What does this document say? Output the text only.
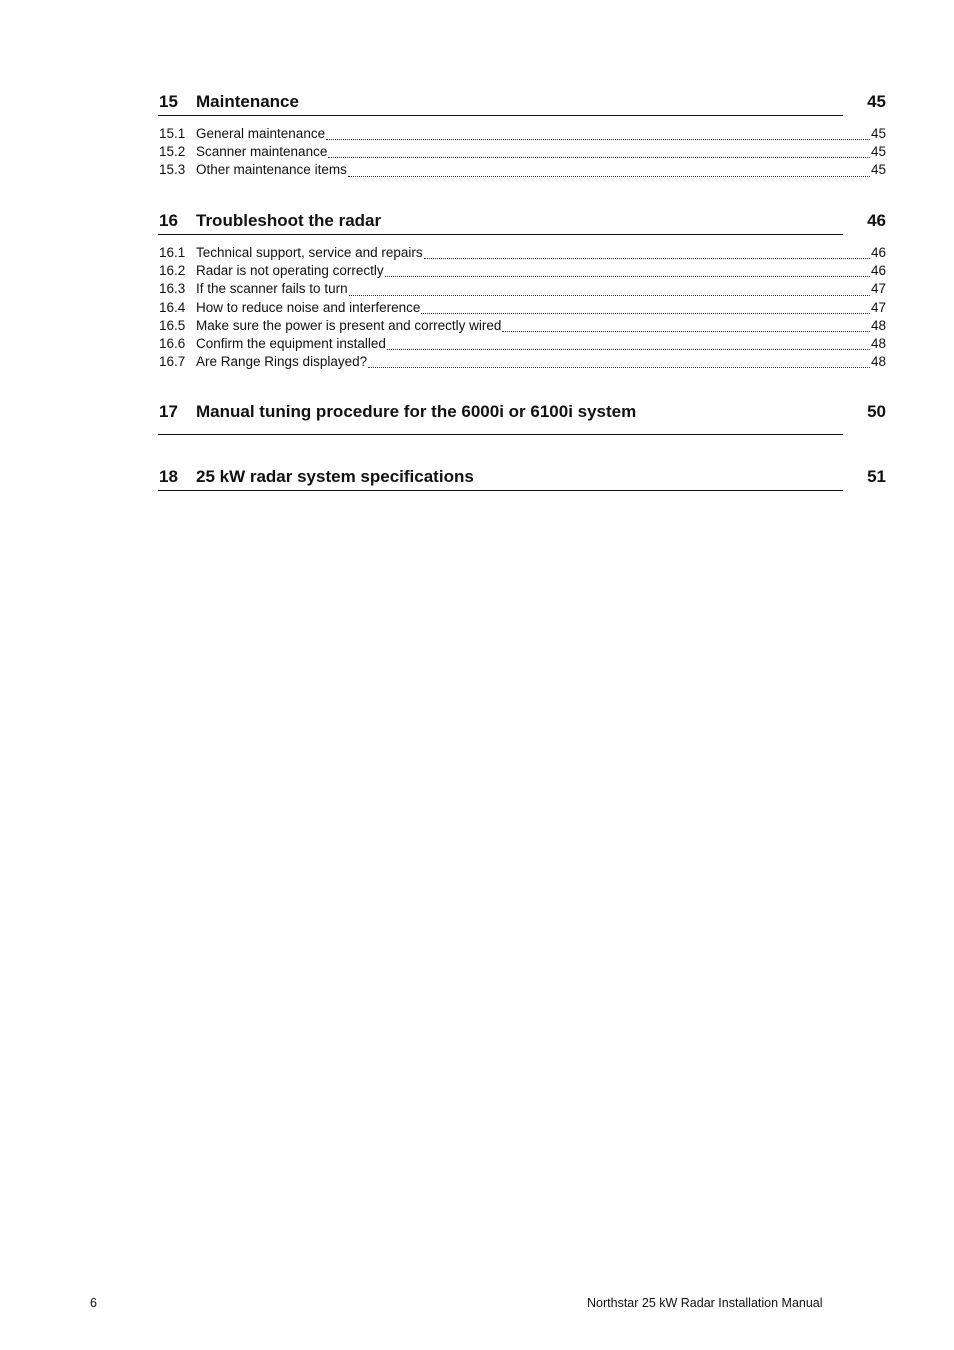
15 Maintenance	45
15.1 General maintenance	45
15.2 Scanner maintenance	45
15.3 Other maintenance items	45
16 Troubleshoot the radar	46
16.1 Technical support, service and repairs	46
16.2 Radar is not operating correctly	46
16.3 If the scanner fails to turn	47
16.4 How to reduce noise and interference	47
16.5 Make sure the power is present and correctly wired	48
16.6 Confirm the equipment installed	48
16.7 Are Range Rings displayed?	48
17 Manual tuning procedure for the 6000i or 6100i system	50
18 25 kW radar system specifications	51
6	Northstar 25 kW Radar Installation Manual
